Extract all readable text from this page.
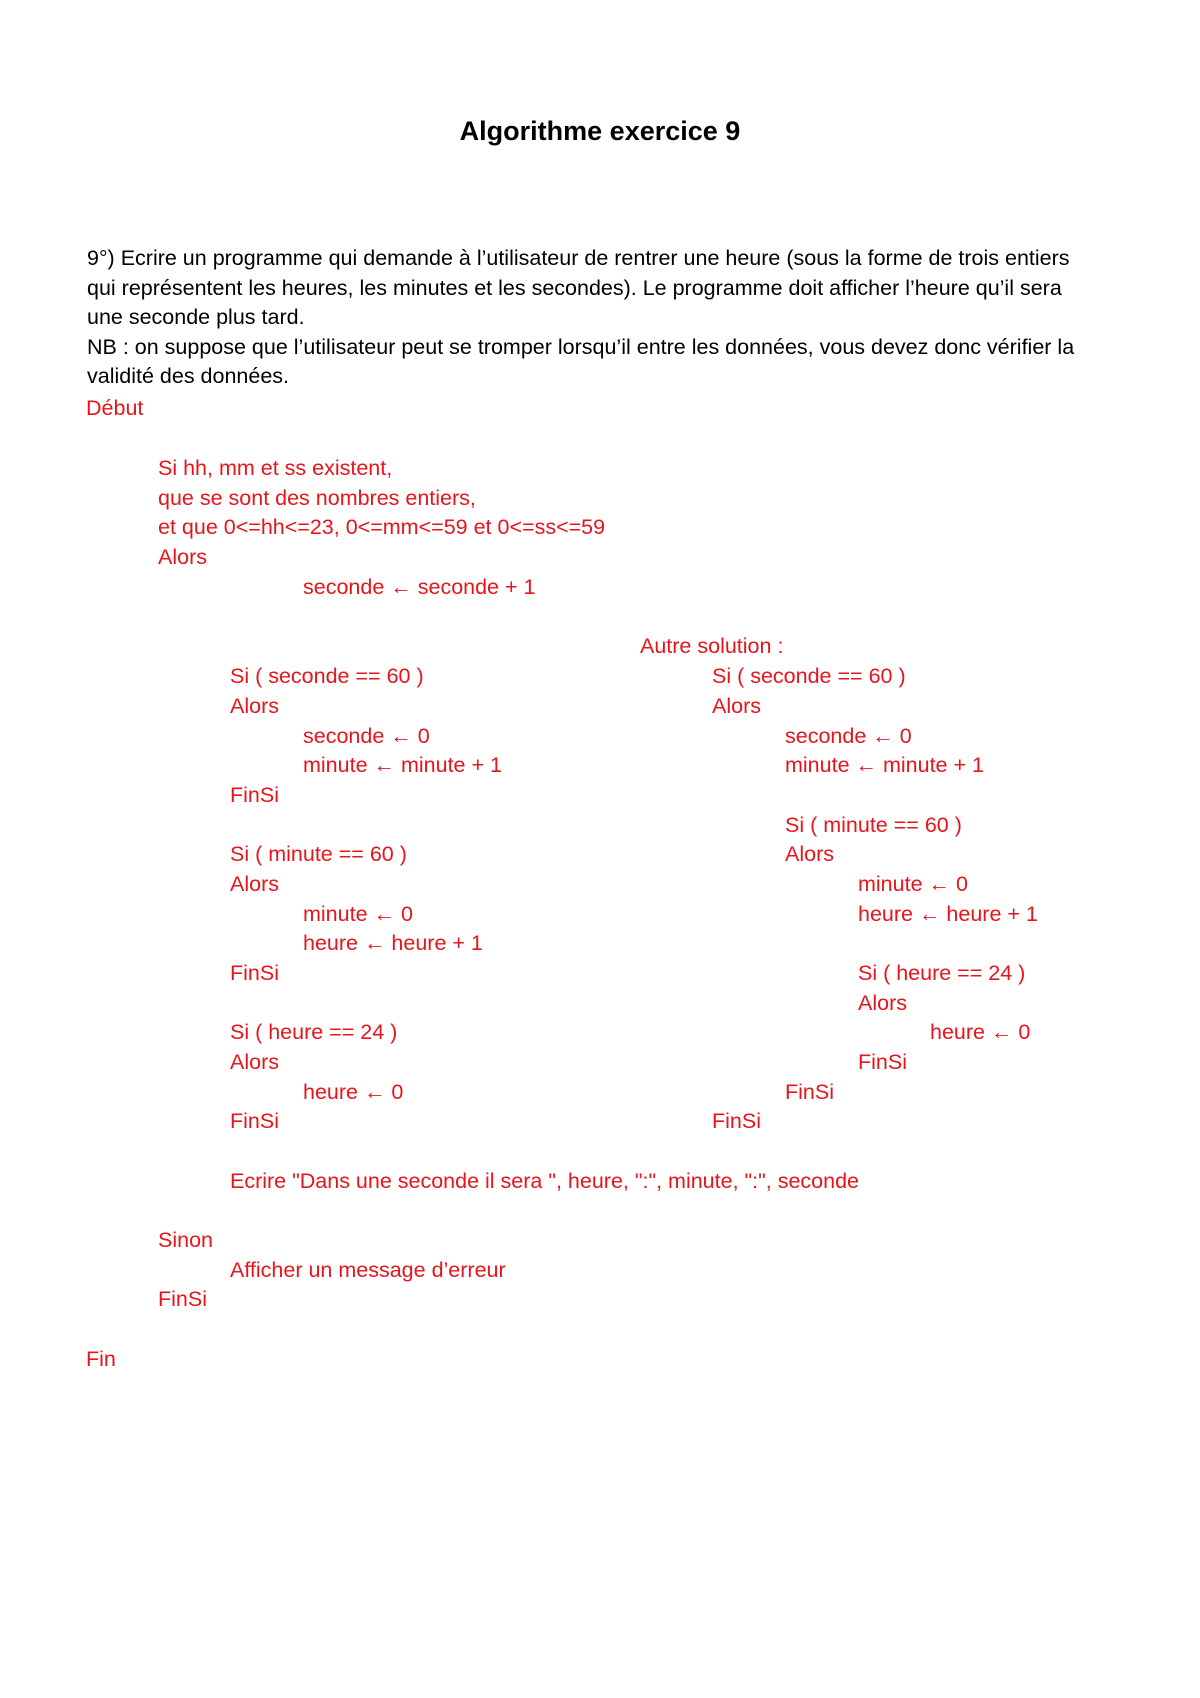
Algorithme exercice 9
9°) Ecrire un programme qui demande à l’utilisateur de rentrer une heure (sous la forme de trois entiers
qui représentent les heures, les minutes et les secondes). Le programme doit afficher l’heure qu’il sera
une seconde plus tard.
NB : on suppose que l’utilisateur peut se tromper lorsqu’il entre les données, vous devez donc vérifier la
validité des données.
Début
Si hh, mm et ss existent,
que se sont des nombres entiers,
et que 0<=hh<=23, 0<=mm<=59 et 0<=ss<=59
Alors
seconde ← seconde + 1
Si ( seconde == 60 )
Alors
seconde ← 0
minute ← minute + 1
FinSi
Si ( minute == 60 )
Alors
minute ← 0
heure ← heure + 1
FinSi
Si ( heure == 24 )
Alors
heure ← 0
FinSi
Ecrire "Dans une seconde il sera ", heure, ":", minute, ":", seconde
Sinon
Afficher un message d’erreur
FinSi
Fin
Autre solution :
Si ( seconde == 60 )
Alors
seconde ← 0
minute ← minute + 1
Si ( minute == 60 )
Alors
minute ← 0
heure ← heure + 1
Si ( heure == 24 )
Alors
heure ← 0
FinSi
FinSi
FinSi
